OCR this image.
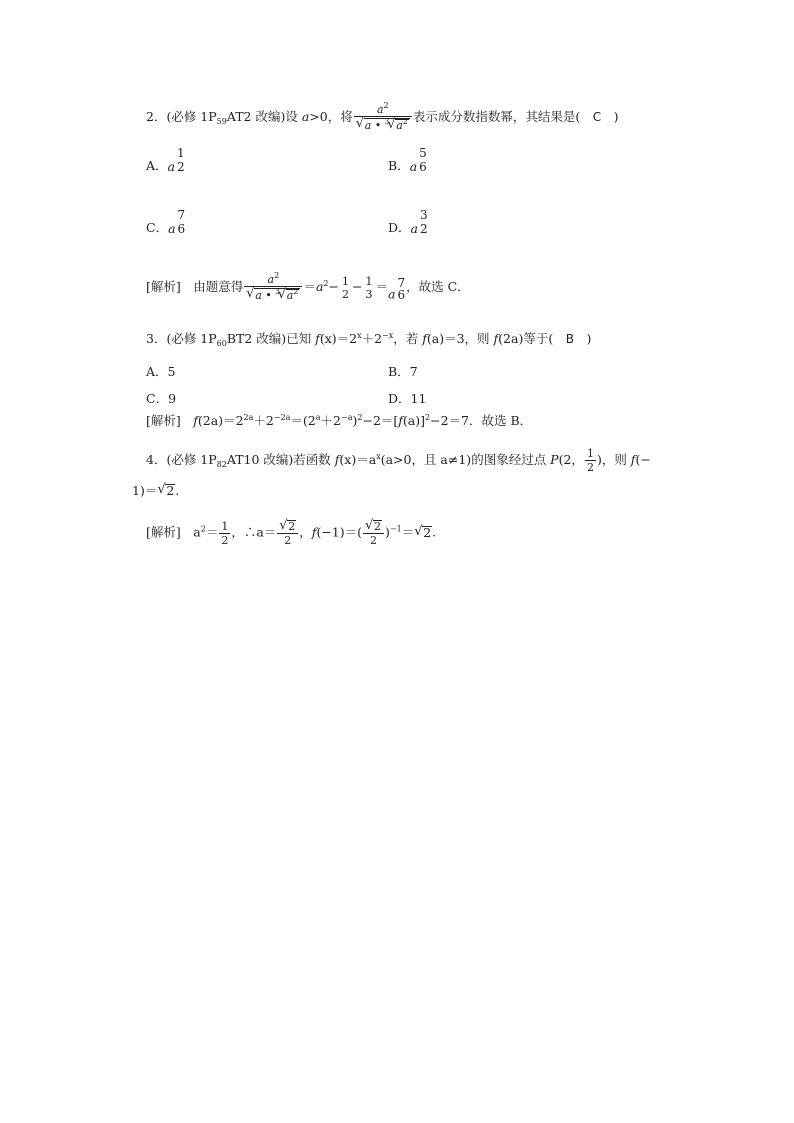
2．(必修 $1P_{59}AT2$ 改编)设 a>0，将 $a^2$
√ a • $^3$√ $a^2$ 表示成分数指数幂，其结果是(　C　)
A．a
1
2	B．a
5
6
C．a
7
6	D．a
3
2
[解析]　由题意得 $a^2$
√ a • $^3$√ $a^2 =a^2- 1$
2 − 1
3 ＝a
7
6
，故选 C．
3．(必修 $1P_{60}BT2$ 改编)已知 $f(x)=2^x+2^{-x}$，若 f(a)＝3，则 f(2a)等于(　B　)
A．5	B．7
C．9	D．11
[解析]　 $f(2a)=2^{2a}+2^{-2a}=(2^a+2^{-a})^2-2=[f(a)]^2-2=7$．故选 B．
4．(必修 $1P_{82}AT10$ 改编)若函数 $f(x)=a^x(a>0$，且 a≠1)的图象经过点 P(2， $\frac{1}{2}$ )，则 f(−
1)＝√ 2.
[解析]　$a^2= \frac{1}{2}$ ，∴a＝
√ $\frac{2}{2}$ ，f(−1)＝(
√ $\frac{2}{2} )^{-1}=√$ 2.
